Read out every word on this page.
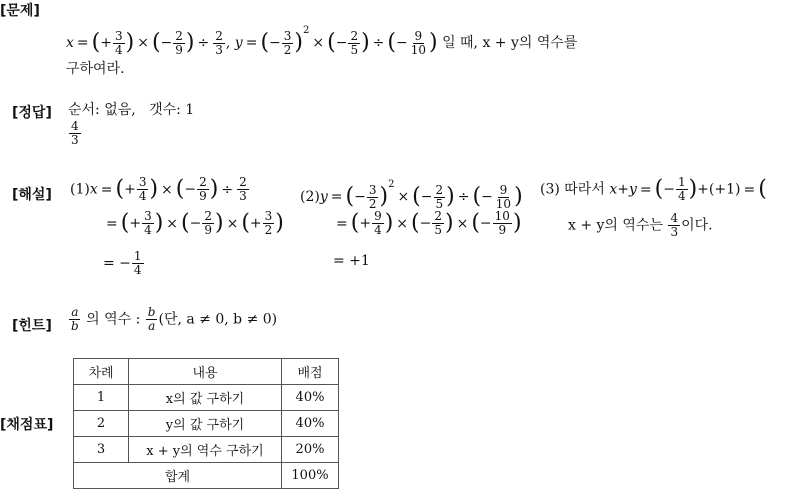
[문제]
x = (+ $\frac{3}{4}$ ) × (− $\frac{2}{9}$ ) ÷ $\frac{2}{3}$ , y = (− $\frac{3}{2} )^2\times$ (− $\frac{2}{5}$ ) ÷ (− $\frac{9}{10}$ ) 일 때, x + y의 역수를
구하여라.
[정답] 순서: 없음, 갯수: 1
$\frac{4}{3}$
[해설] (1)x = (+ $\frac{3}{4}$ ) × (− $\frac{2}{9}$ ) ÷ $\frac{2}{3}$
= (+ $\frac{3}{4}$ ) × (− $\frac{2}{9}$ ) × (+ $\frac{3}{2}$ )
= − $\frac{1}{4}$
(2)y = (− $\frac{3}{2} )^2\times$ (− $\frac{2}{5}$ ) ÷ (− $\frac{9}{10}$ )
= (+ $\frac{9}{4}$ ) × (− $\frac{2}{5}$ ) × (− $\frac{10}{9}$ )
= +1
(3) 따라서 x+y = (− $\frac{1}{4} )+(+1)$ = (
x + y의 역수는 $\frac{4}{3}$ 이다.
[힌트] $\frac{a}{b}$ 의 역수 : $\frac{b}{a}$ (단, a ≠ 0, b ≠ 0)
[채점표]
차례	내용	배점
1	x의 값 구하기	40%
2	y의 값 구하기	40%
3	x + y의 역수 구하기	20%
합계		100%
